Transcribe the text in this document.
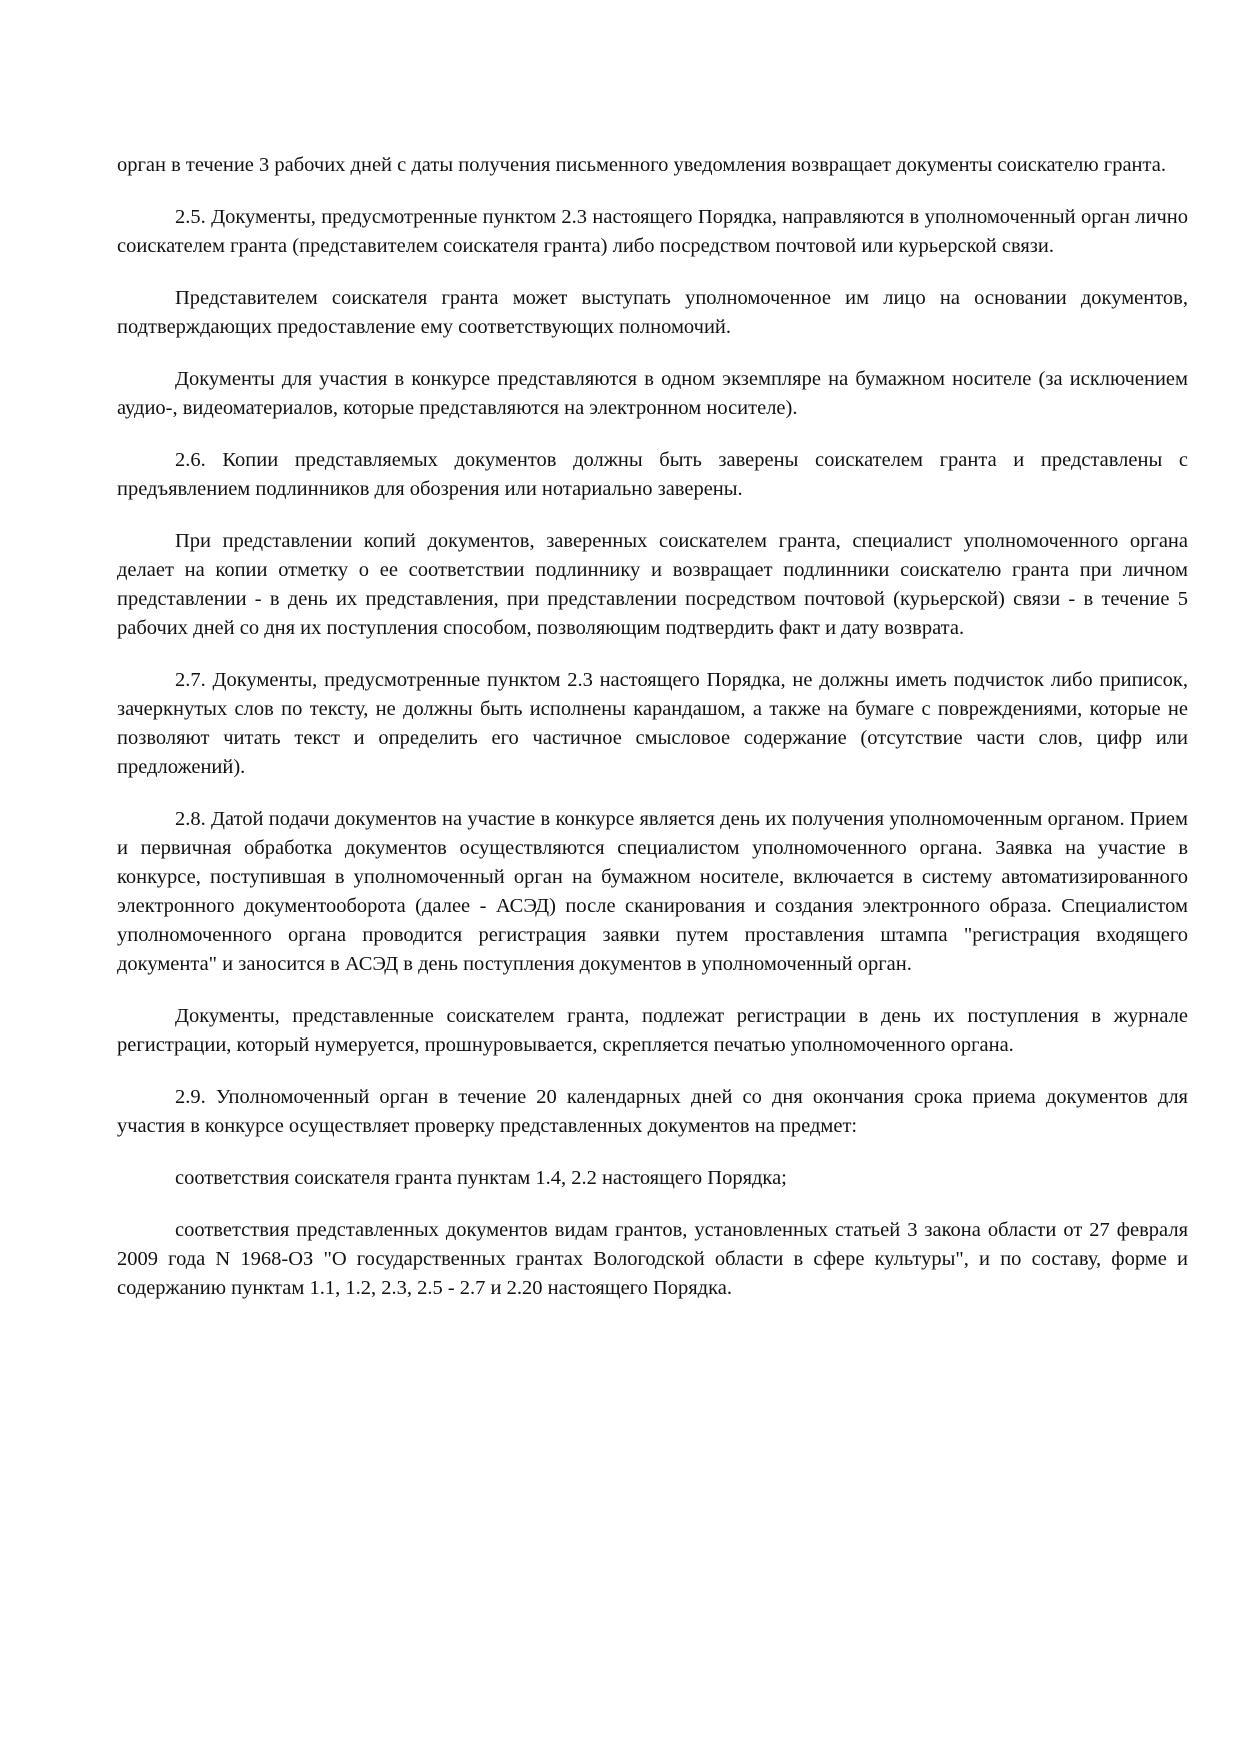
орган в течение 3 рабочих дней с даты получения письменного уведомления возвращает документы соискателю гранта.

2.5. Документы, предусмотренные пунктом 2.3 настоящего Порядка, направляются в уполномоченный орган лично соискателем гранта (представителем соискателя гранта) либо посредством почтовой или курьерской связи.

Представителем соискателя гранта может выступать уполномоченное им лицо на основании документов, подтверждающих предоставление ему соответствующих полномочий.

Документы для участия в конкурсе представляются в одном экземпляре на бумажном носителе (за исключением аудио-, видеоматериалов, которые представляются на электронном носителе).

2.6. Копии представляемых документов должны быть заверены соискателем гранта и представлены с предъявлением подлинников для обозрения или нотариально заверены.

При представлении копий документов, заверенных соискателем гранта, специалист уполномоченного органа делает на копии отметку о ее соответствии подлиннику и возвращает подлинники соискателю гранта при личном представлении - в день их представления, при представлении посредством почтовой (курьерской) связи - в течение 5 рабочих дней со дня их поступления способом, позволяющим подтвердить факт и дату возврата.

2.7. Документы, предусмотренные пунктом 2.3 настоящего Порядка, не должны иметь подчисток либо приписок, зачеркнутых слов по тексту, не должны быть исполнены карандашом, а также на бумаге с повреждениями, которые не позволяют читать текст и определить его частичное смысловое содержание (отсутствие части слов, цифр или предложений).

2.8. Датой подачи документов на участие в конкурсе является день их получения уполномоченным органом. Прием и первичная обработка документов осуществляются специалистом уполномоченного органа. Заявка на участие в конкурсе, поступившая в уполномоченный орган на бумажном носителе, включается в систему автоматизированного электронного документооборота (далее - АСЭД) после сканирования и создания электронного образа. Специалистом уполномоченного органа проводится регистрация заявки путем проставления штампа "регистрация входящего документа" и заносится в АСЭД в день поступления документов в уполномоченный орган.

Документы, представленные соискателем гранта, подлежат регистрации в день их поступления в журнале регистрации, который нумеруется, прошнуровывается, скрепляется печатью уполномоченного органа.

2.9. Уполномоченный орган в течение 20 календарных дней со дня окончания срока приема документов для участия в конкурсе осуществляет проверку представленных документов на предмет:

соответствия соискателя гранта пунктам 1.4, 2.2 настоящего Порядка;

соответствия представленных документов видам грантов, установленных статьей 3 закона области от 27 февраля 2009 года N 1968-ОЗ "О государственных грантах Вологодской области в сфере культуры", и по составу, форме и содержанию пунктам 1.1, 1.2, 2.3, 2.5 - 2.7 и 2.20 настоящего Порядка.
